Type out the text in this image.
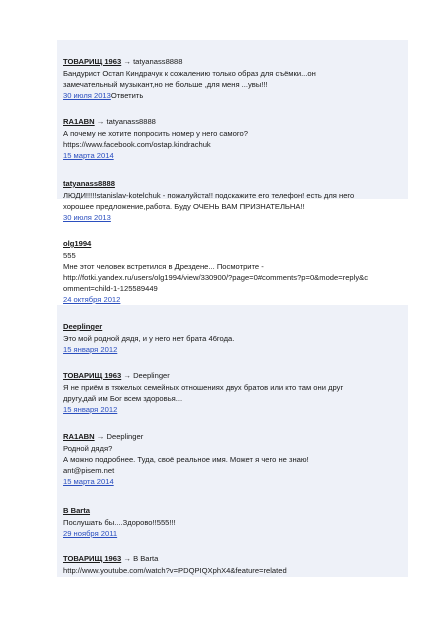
ТОВАРИЩ 1963 → tatyanass8888
Бандурист Остап Киндрачук к сожалению только образ для съёмки...он
замечательный музыкант,но не больше ,для меня ...увы!!!
30 июля 2013Ответить
RA1ABN → tatyanass8888
А почему не хотите попросить номер у него самого?
https://www.facebook.com/ostap.kindrachuk
15 марта 2014
tatyanass8888
ЛЮДИ!!!!!stanislav-kotelchuk - пожалуйста!! подскажите его телефон! есть для него
хорошее предложение,работа. Буду ОЧЕНЬ ВАМ ПРИЗНАТЕЛЬНА!!
30 июля 2013
olg1994
555
Мне этот человек встретился в Дрездене... Посмотрите -
http://fotki.yandex.ru/users/olg1994/view/330900/?page=0#comments?p=0&mode=reply&c
omment=child-1-125589449
24 октября 2012
Deeplinger
Это мой родной дядя, и у него нет брата 46года.
15 января 2012
ТОВАРИЩ 1963 → Deeplinger
Я не приём в тяжелых семейных отношениях двух братов или кто там они друг
другу,дай им Бог всем здоровья...
15 января 2012
RA1ABN → Deeplinger
Родной дядя?
А можно подробнее. Туда, своё реальное имя. Может я чего не знаю!
ant@pisem.net
15 марта 2014
B Barta
Послушать бы....Здорово!!555!!!
29 ноября 2011
ТОВАРИЩ 1963 → B Barta
http://www.youtube.com/watch?v=PDQPIQXphX4&feature=related
